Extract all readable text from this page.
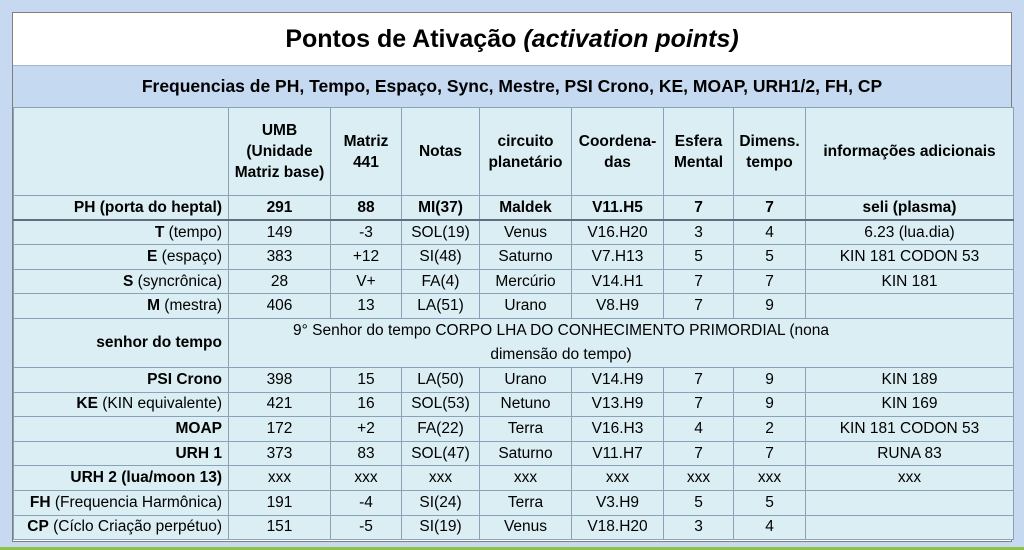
Pontos de Ativação (activation points)
Frequencias de PH, Tempo, Espaço, Sync, Mestre, PSI Crono, KE, MOAP, URH1/2, FH, CP
	UMB (Unidade Matriz base)	Matriz 441	Notas	circuito planetário	Coordena-das	Esfera Mental	Dimens. tempo	informações adicionais
PH (porta do heptal)	291	88	MI(37)	Maldek	V11.H5	7	7	seli (plasma)
T (tempo)	149	-3	SOL(19)	Venus	V16.H20	3	4	6.23 (lua.dia)
E (espaço)	383	+12	SI(48)	Saturno	V7.H13	5	5	KIN 181 CODON 53
S (syncrônica)	28	V+	FA(4)	Mercúrio	V14.H1	7	7	KIN 181
M (mestra)	406	13	LA(51)	Urano	V8.H9	7	9	
senhor do tempo	9° Senhor do tempo CORPO LHA DO CONHECIMENTO PRIMORDIAL (nona dimensão do tempo)							
PSI Crono	398	15	LA(50)	Urano	V14.H9	7	9	KIN 189
KE (KIN equivalente)	421	16	SOL(53)	Netuno	V13.H9	7	9	KIN 169
MOAP	172	+2	FA(22)	Terra	V16.H3	4	2	KIN 181 CODON 53
URH 1	373	83	SOL(47)	Saturno	V11.H7	7	7	RUNA 83
URH 2 (lua/moon 13)	xxx	xxx	xxx	xxx	xxx	xxx	xxx	xxx
FH (Frequencia Harmônica)	191	-4	SI(24)	Terra	V3.H9	5	5	
CP (Cíclo Criação perpétuo)	151	-5	SI(19)	Venus	V18.H20	3	4	
